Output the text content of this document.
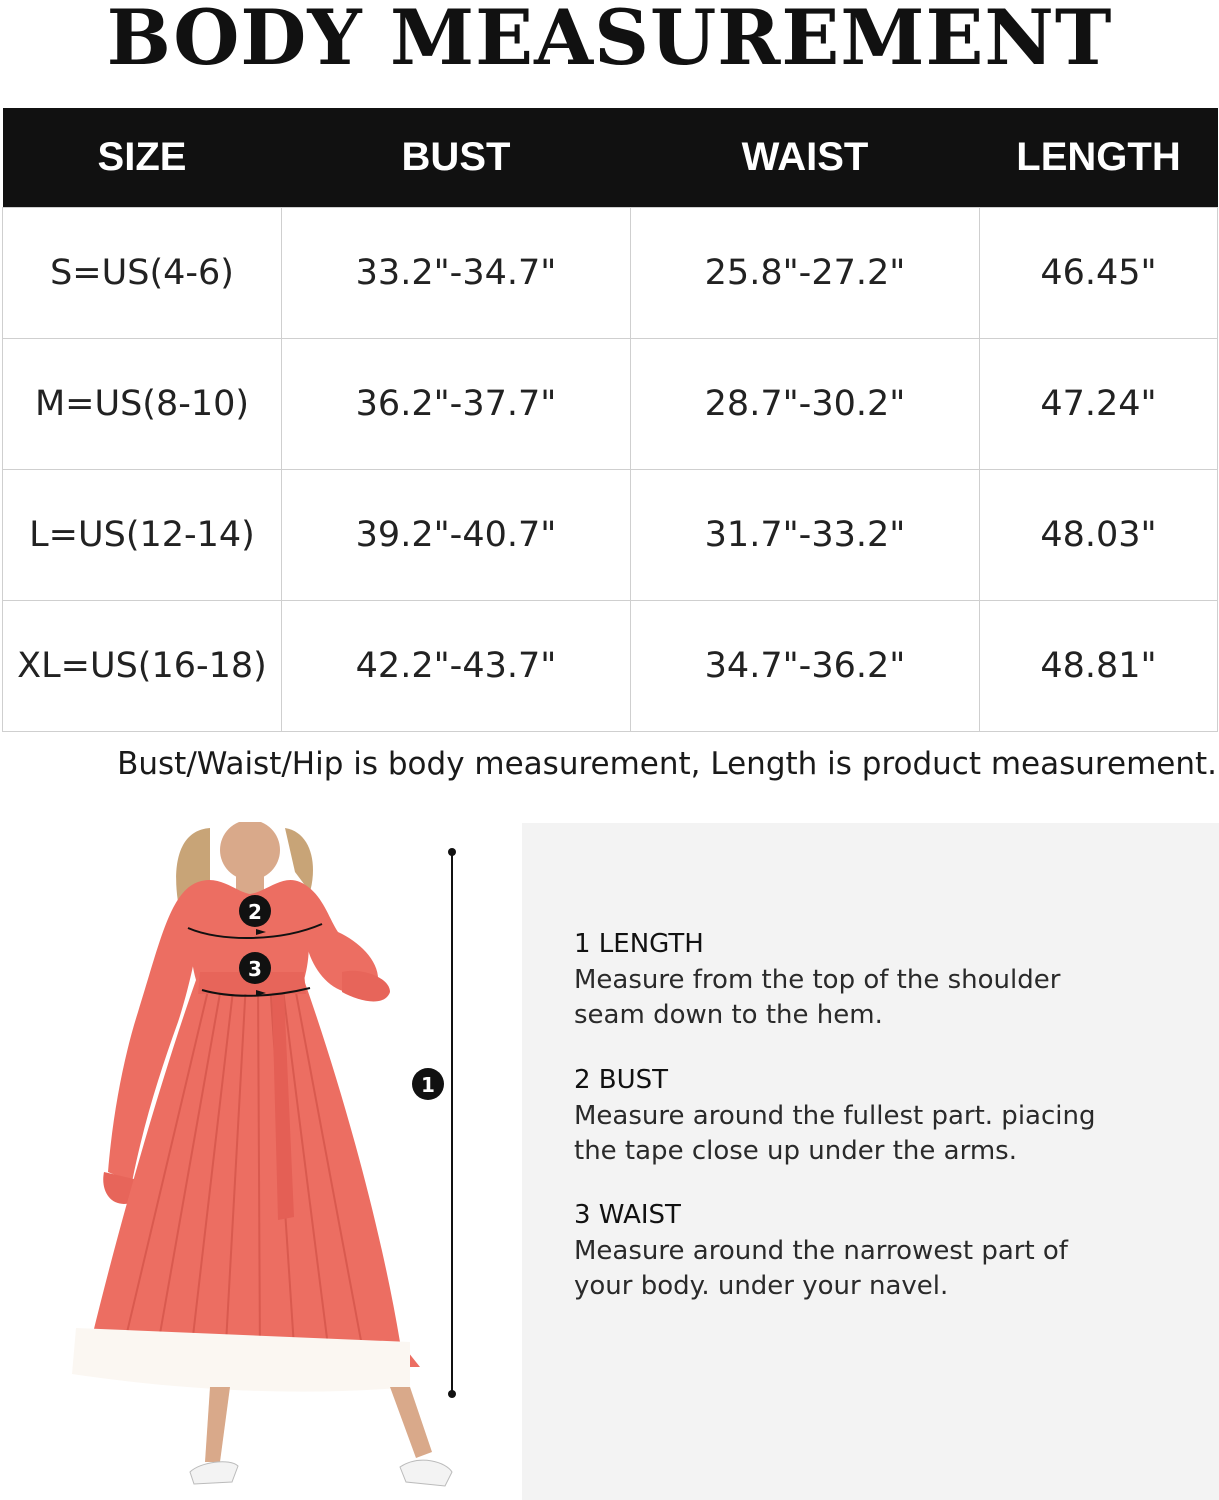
BODY MEASUREMENT
SIZE	BUST	WAIST	LENGTH
S=US(4-6)	33.2"-34.7"	25.8"-27.2"	46.45"
M=US(8-10)	36.2"-37.7"	28.7"-30.2"	47.24"
L=US(12-14)	39.2"-40.7"	31.7"-33.2"	48.03"
XL=US(16-18)	42.2"-43.7"	34.7"-36.2"	48.81"

Bust/Waist/Hip is body measurement, Length is product measurement.

1
2
3
1 LENGTH

Measure from the top of the shoulder
seam down to the hem.

2 BUST

Measure around the fullest part. piacing
the tape close up under the arms.

3 WAIST

Measure around the narrowest part of
your body. under your navel.
